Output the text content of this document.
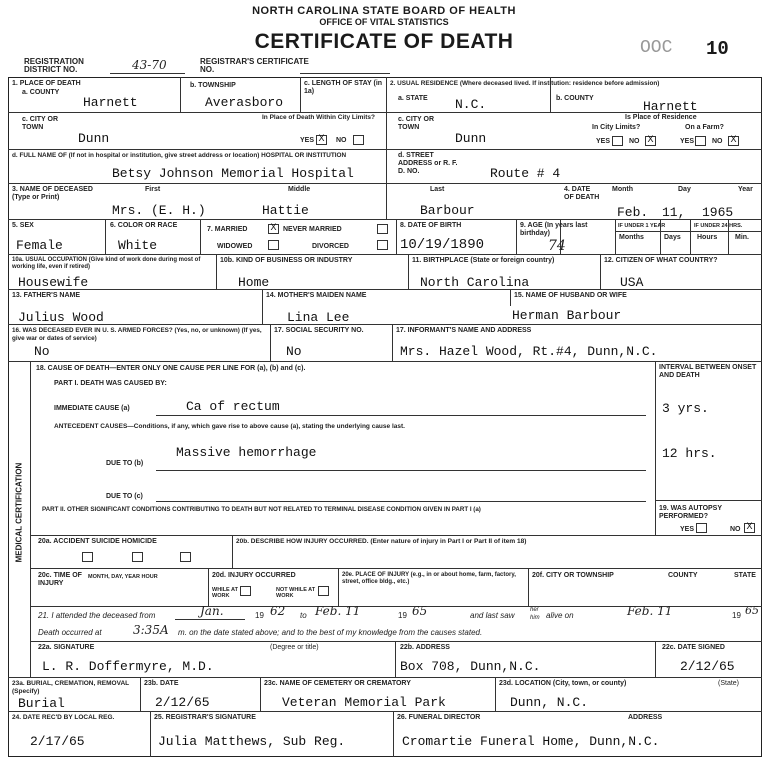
NORTH CAROLINA STATE BOARD OF HEALTH
OFFICE OF VITAL STATISTICS
CERTIFICATE OF DEATH	ООС 10
REGISTRATION DISTRICT NO.	43-70	REGISTRAR'S CERTIFICATE NO.
1. PLACE OF DEATH
a. COUNTY
Harnett
b. TOWNSHIP
Averasboro
c. LENGTH OF STAY (in 1a)
2. USUAL RESIDENCE (Where deceased lived. If institution: residence before admission)
a. STATE N.C.	b. COUNTY
Harnett
c. CITY OR TOWN
Dunn
In Place of Death Within City Limits?
YES X	NO
c. CITY OR TOWN
Dunn
Is Place of Residence
In City Limits?	On a Farm?
YES	NO X	YES	NO X
d. FULL NAME OF (If not in hospital or institution, give street address or location) HOSPITAL OR INSTITUTION
Betsy Johnson Memorial Hospital
d. STREET ADDRESS or R. F. D. NO.	Route # 4
3. NAME OF DECEASED (Type or Print)
First	Middle	Last
Mrs. (E. H.)	Hattie	Barbour
4. DATE OF DEATH
Month	Day	Year
Feb. 11, 1965
5. SEX
Female
6. COLOR OR RACE
White
7. MARRIED X NEVER MARRIED
WIDOWED	DIVORCED
8. DATE OF BIRTH
10/19/1890
9. AGE (In years last birthday)
74
IF UNDER 1 YEAR	IF UNDER 24 HRS.
Months	Days Hours	Min.
10a. USUAL OCCUPATION (Give kind of work done during most of working life, even if retired)
Housewife
10b. KIND OF BUSINESS OR INDUSTRY
Home
11. BIRTHPLACE (State or foreign country)
North Carolina
12. CITIZEN OF WHAT COUNTRY?
USA
13. FATHER'S NAME
Julius Wood
14. MOTHER'S MAIDEN NAME
Lina Lee
15. NAME OF HUSBAND OR WIFE
Herman Barbour
16. WAS DECEASED EVER IN U. S. ARMED FORCES? (Yes, no, or unknown) (If yes, give war or dates of service)
No
17. SOCIAL SECURITY NO.
No
17. INFORMANT'S NAME AND ADDRESS
Mrs. Hazel Wood, Rt.#4, Dunn,N.C.
MEDICAL CERTIFICATION
18. CAUSE OF DEATH—ENTER ONLY ONE CAUSE PER LINE FOR (a), (b) and (c).	INTERVAL BETWEEN ONSET AND DEATH
PART I. DEATH WAS CAUSED BY:
IMMEDIATE CAUSE (a)	Ca of rectum	3 yrs.
ANTECEDENT CAUSES—Conditions, if any, which gave rise to above cause (a), stating the underlying cause last.
DUE TO (b)
Massive hemorrhage	12 hrs.
DUE TO (c)
PART II. OTHER SIGNIFICANT CONDITIONS CONTRIBUTING TO DEATH BUT NOT RELATED TO TERMINAL DISEASE CONDITION GIVEN IN PART I (a)	19. WAS AUTOPSY PERFORMED?
YES	NO X
20a. ACCIDENT SUICIDE HOMICIDE	20b. DESCRIBE HOW INJURY OCCURRED. (Enter nature of injury in Part I or Part II of item 18)
20c. TIME OF INJURY
MONTH, DAY, YEAR HOUR	20d. INJURY OCCURRED
WHILE AT WORK
NOT WHILE AT WORK
20e. PLACE OF INJURY (e.g., in or about home, farm, factory, street, office bldg., etc.)
20f. CITY OR TOWNSHIP	COUNTY	STATE
21. I attended the deceased from	Jan.	19 62 to Feb. 11	19 65	and last saw
her
him alive on	Feb. 11	19 65
Death occurred at	3:35A m. on the date stated above; and to the best of my knowledge from the causes stated.
22a. SIGNATURE	(Degree or title)
L. R. Doffermyre, M.D.
22b. ADDRESS
Box 708, Dunn,N.C.
22c. DATE SIGNED
2/12/65
23a. BURIAL, CREMATION, REMOVAL (Specify)
Burial
23b. DATE
2/12/65
23c. NAME OF CEMETERY OR CREMATORY
Veteran Memorial Park
23d. LOCATION (City, town, or county)	(State)
Dunn, N.C.
24. DATE REC'D BY LOCAL REG.
2/17/65
25. REGISTRAR'S SIGNATURE
Julia Matthews, Sub Reg.
26. FUNERAL DIRECTOR	ADDRESS
Cromartie Funeral Home, Dunn,N.C.
